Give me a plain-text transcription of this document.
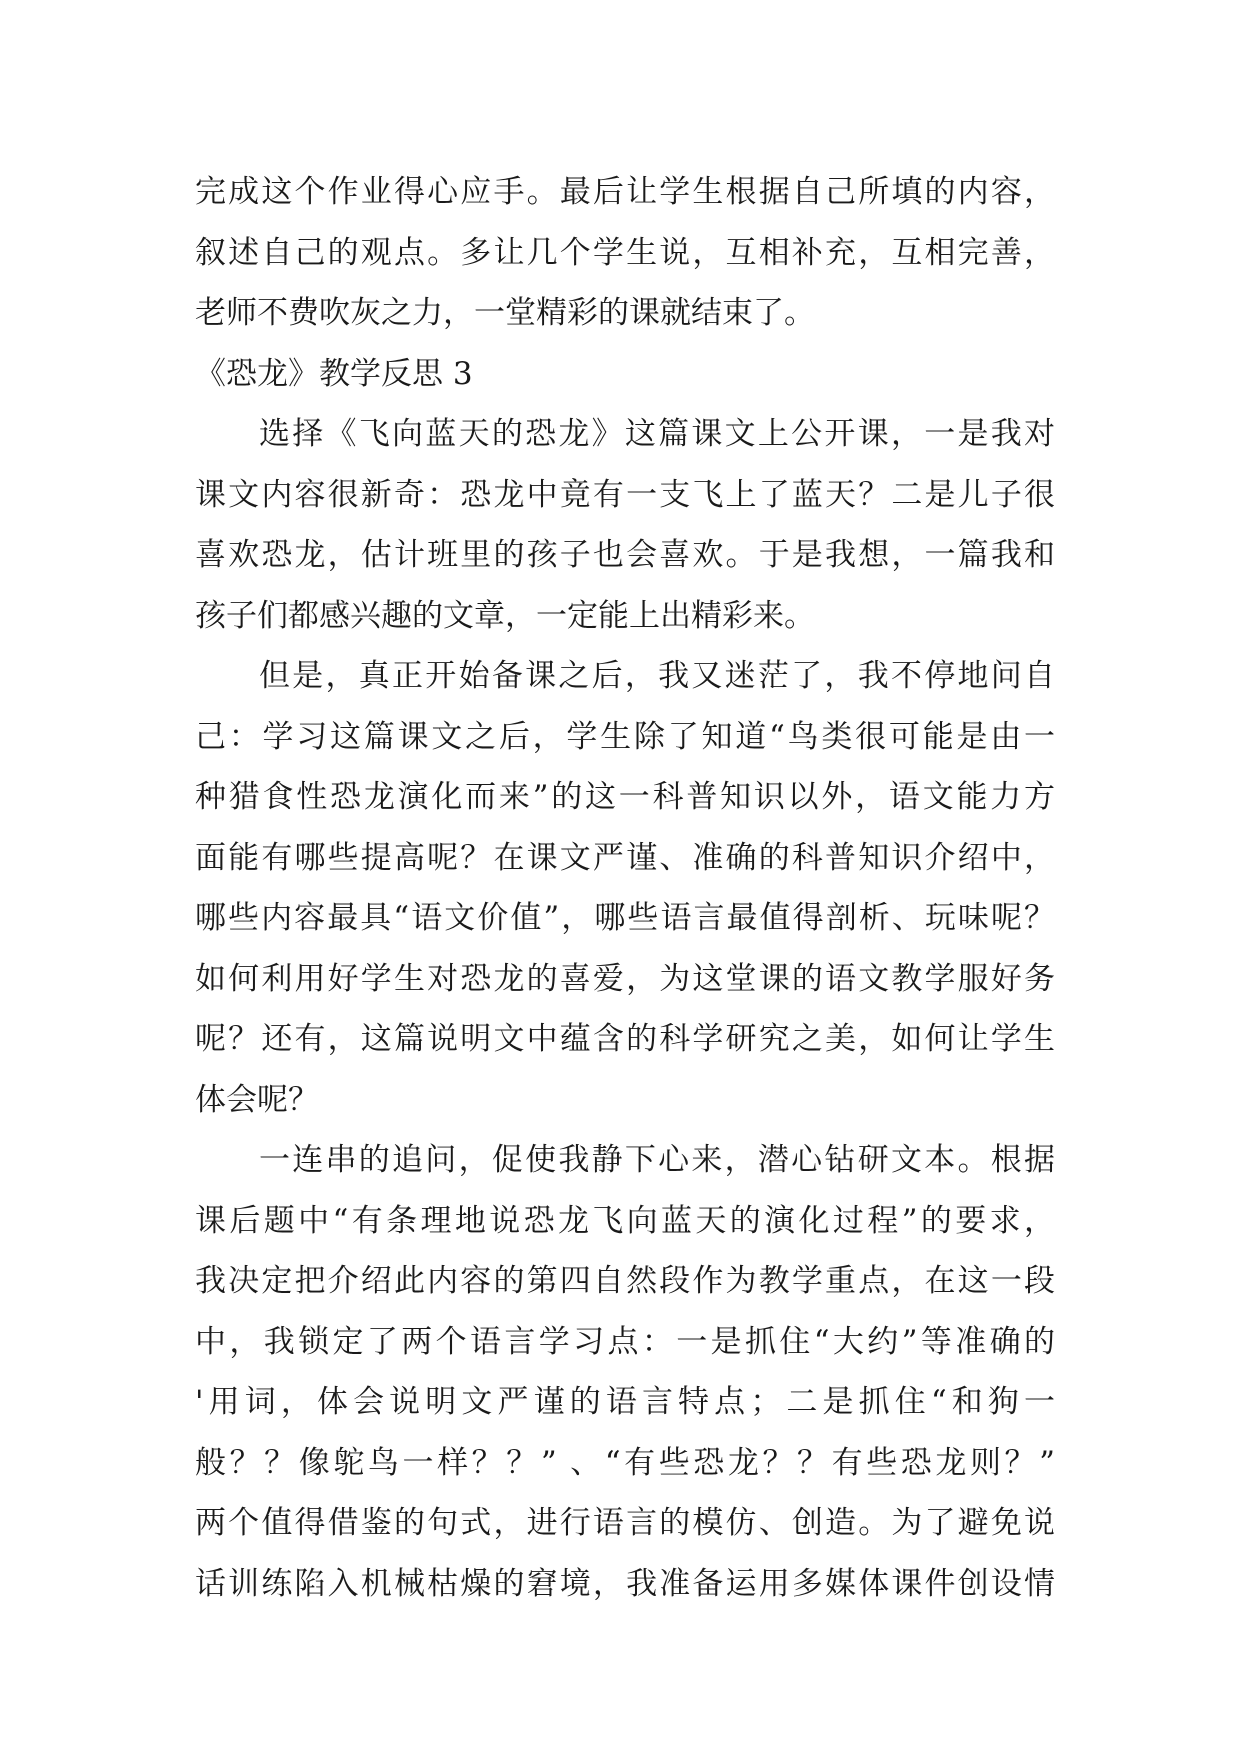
完成这个作业得心应手。最后让学生根据自己所填的内容，
叙述自己的观点。多让几个学生说，互相补充，互相完善，
老师不费吹灰之力，一堂精彩的课就结束了。
《恐龙》教学反思 3
选择《飞向蓝天的恐龙》这篇课文上公开课，一是我对
课文内容很新奇：恐龙中竟有一支飞上了蓝天？二是儿子很
喜欢恐龙，估计班里的孩子也会喜欢。于是我想，一篇我和
孩子们都感兴趣的文章，一定能上出精彩来。
但是，真正开始备课之后，我又迷茫了，我不停地问自
己：学习这篇课文之后，学生除了知道“鸟类很可能是由一
种猎食性恐龙演化而来”的这一科普知识以外，语文能力方
面能有哪些提高呢？在课文严谨、准确的科普知识介绍中，
哪些内容最具“语文价值”，哪些语言最值得剖析、玩味呢？
如何利用好学生对恐龙的喜爱，为这堂课的语文教学服好务
呢？还有，这篇说明文中蕴含的科学研究之美，如何让学生
体会呢？
一连串的追问，促使我静下心来，潜心钻研文本。根据
课后题中“有条理地说恐龙飞向蓝天的演化过程”的要求，
我决定把介绍此内容的第四自然段作为教学重点，在这一段
中，我锁定了两个语言学习点：一是抓住“大约”等准确的
'用词，体会说明文严谨的语言特点；二是抓住“和狗一
般？？像鸵鸟一样？？” 、“有些恐龙？？有些恐龙则？”
两个值得借鉴的句式，进行语言的模仿、创造。为了避免说
话训练陷入机械枯燥的窘境，我准备运用多媒体课件创设情
